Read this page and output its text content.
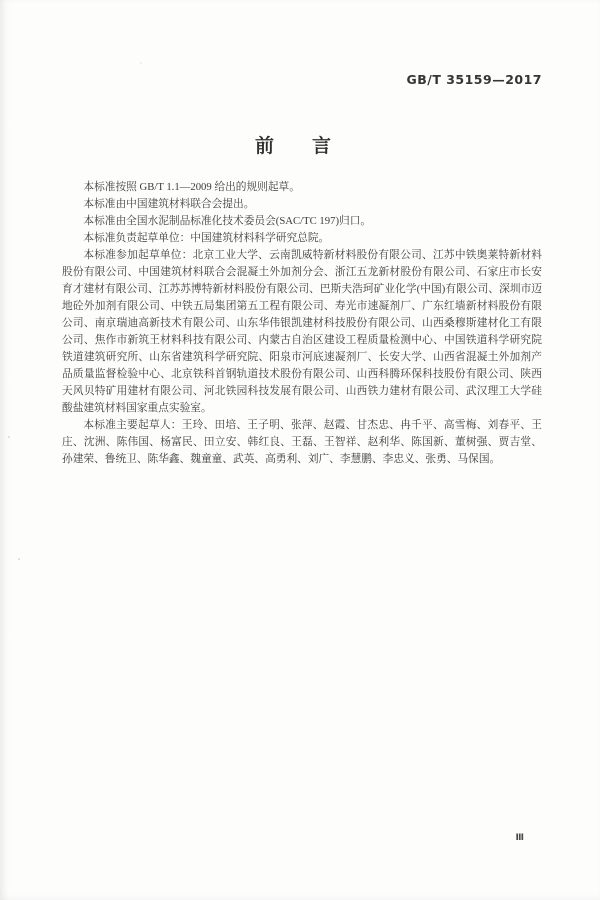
GB/T 35159—2017
前　　言

本标准按照 GB/T 1.1—2009 给出的规则起草。

本标准由中国建筑材料联合会提出。

本标准由全国水泥制品标准化技术委员会(SAC/TC 197)归口。

本标准负责起草单位：中国建筑材料科学研究总院。

本标准参加起草单位：北京工业大学、云南凯威特新材料股份有限公司、江苏中铁奥莱特新材料股份有限公司、中国建筑材料联合会混凝土外加剂分会、浙江五龙新材股份有限公司、石家庄市长安育才建材有限公司、江苏苏博特新材料股份有限公司、巴斯夫浩珂矿业化学(中国)有限公司、深圳市迈地砼外加剂有限公司、中铁五局集团第五工程有限公司、寿光市速凝剂厂、广东红墙新材料股份有限公司、南京瑞迪高新技术有限公司、山东华伟银凯建材科技股份有限公司、山西桑穆斯建材化工有限公司、焦作市新筑王材料科技有限公司、内蒙古自治区建设工程质量检测中心、中国铁道科学研究院铁道建筑研究所、山东省建筑科学研究院、阳泉市河底速凝剂厂、长安大学、山西省混凝土外加剂产品质量监督检验中心、北京铁科首钢轨道技术股份有限公司、山西科腾环保科技股份有限公司、陕西天风贝特矿用建材有限公司、河北铁园科技发展有限公司、山西铁力建材有限公司、武汉理工大学硅酸盐建筑材料国家重点实验室。

本标准主要起草人：王玲、田培、王子明、张萍、赵霞、甘杰忠、冉千平、高雪梅、刘春平、王庄、沈洲、陈伟国、杨富民、田立安、韩红良、王磊、王智祥、赵利华、陈国新、董树强、贾吉堂、孙建荣、鲁统卫、陈华鑫、魏童童、武英、高勇利、刘广、李慧鹏、李忠义、张勇、马保国。

Ⅲ
